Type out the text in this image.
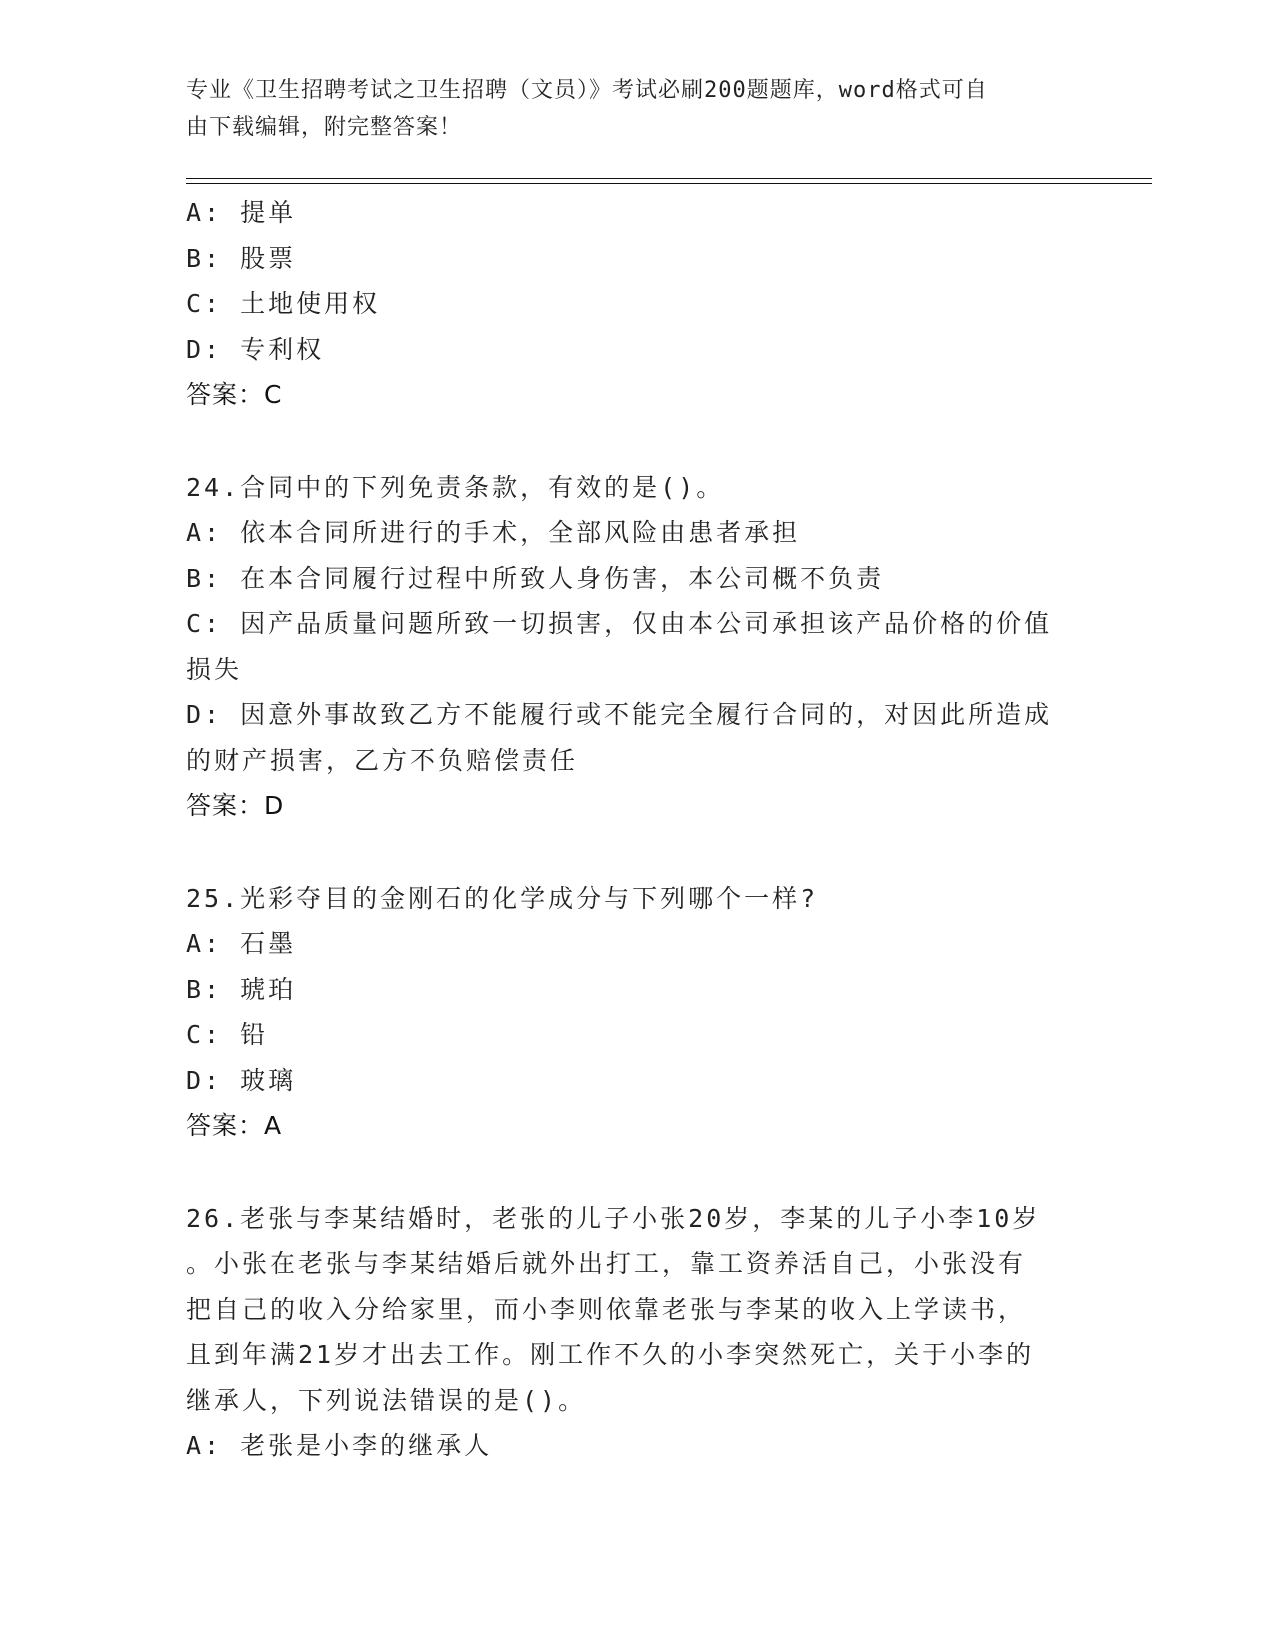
专业《卫生招聘考试之卫生招聘（文员）》考试必刷200题题库，word格式可自
由下载编辑，附完整答案！
A: 提单
B: 股票
C: 土地使用权
D: 专利权
答案：C
24.合同中的下列免责条款，有效的是()。
A: 依本合同所进行的手术，全部风险由患者承担
B: 在本合同履行过程中所致人身伤害，本公司概不负责
C: 因产品质量问题所致一切损害，仅由本公司承担该产品价格的价值
损失
D: 因意外事故致乙方不能履行或不能完全履行合同的，对因此所造成
的财产损害，乙方不负赔偿责任
答案：D
25.光彩夺目的金刚石的化学成分与下列哪个一样?
A: 石墨
B: 琥珀
C: 铅
D: 玻璃
答案：A
26.老张与李某结婚时，老张的儿子小张20岁，李某的儿子小李10岁
。小张在老张与李某结婚后就外出打工，靠工资养活自己，小张没有
把自己的收入分给家里，而小李则依靠老张与李某的收入上学读书，
且到年满21岁才出去工作。刚工作不久的小李突然死亡，关于小李的
继承人，下列说法错误的是()。
A: 老张是小李的继承人
